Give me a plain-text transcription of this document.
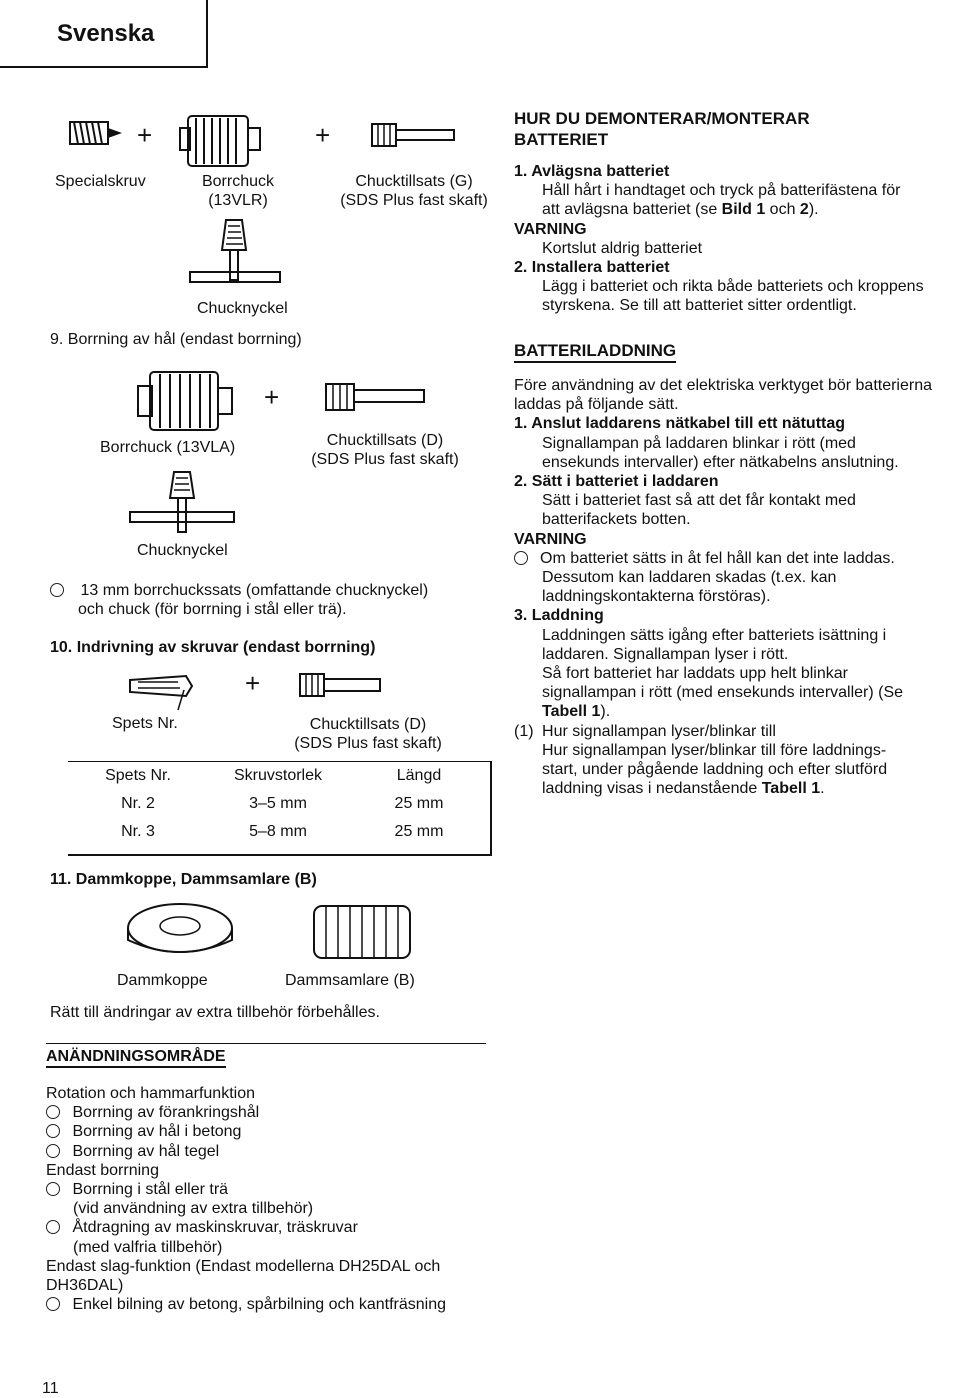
Svenska
+	+
Specialskruv	Borrchuck
(13VLR)
Chucktillsats (G)
(SDS Plus fast skaft)
Chucknyckel
9. Borrning av hål (endast borrning)
+
Borrchuck (13VLA)	Chucktillsats (D)
(SDS Plus fast skaft)
Chucknyckel
13 mm borrchuckssats (omfattande chucknyckel)
och chuck (för borrning i stål eller trä).
10. Indrivning av skruvar (endast borrning)
+
Spets Nr.	Chucktillsats (D)
(SDS Plus fast skaft)
Spets Nr.	Skruvstorlek	Längd
Nr. 2	3–5 mm	25 mm
Nr. 3	5–8 mm	25 mm
11. Dammkoppe, Dammsamlare (B)
Dammkoppe	Dammsamlare (B)
Rätt till ändringar av extra tillbehör förbehålles.
ANÄNDNINGSOMRÅDE
Rotation och hammarfunktion
Borrning av förankringshål
Borrning av hål i betong
Borrning av hål tegel
Endast borrning
Borrning i stål eller trä
(vid användning av extra tillbehör)
Åtdragning av maskinskruvar, träskruvar
(med valfria tillbehör)
Endast slag-funktion (Endast modellerna DH25DAL och
DH36DAL)
Enkel bilning av betong, spårbilning och kantfräsning
11
HUR DU DEMONTERAR/MONTERAR
BATTERIET
1. Avlägsna batteriet
Håll hårt i handtaget och tryck på batterifästena för
att avlägsna batteriet (se Bild 1 och 2).
VARNING
Kortslut aldrig batteriet
2. Installera batteriet
Lägg i batteriet och rikta både batteriets och kroppens
styrskena. Se till att batteriet sitter ordentligt.
BATTERILADDNING
Före användning av det elektriska verktyget bör batterierna
laddas på följande sätt.
1. Anslut laddarens nätkabel till ett nätuttag
Signallampan på laddaren blinkar i rött (med
ensekunds intervaller) efter nätkabelns anslutning.
2. Sätt i batteriet i laddaren
Sätt i batteriet fast så att det får kontakt med
batterifackets botten.
VARNING
Om batteriet sätts in åt fel håll kan det inte laddas.
Dessutom kan laddaren skadas (t.ex. kan
laddningskontakterna förstöras).
3. Laddning
Laddningen sätts igång efter batteriets isättning i
laddaren. Signallampan lyser i rött.
Så fort batteriet har laddats upp helt blinkar
signallampan i rött (med ensekunds intervaller) (Se
Tabell 1).
(1) Hur signallampan lyser/blinkar till
Hur signallampan lyser/blinkar till före laddnings-
start, under pågående laddning och efter slutförd
laddning visas i nedanstående Tabell 1.
